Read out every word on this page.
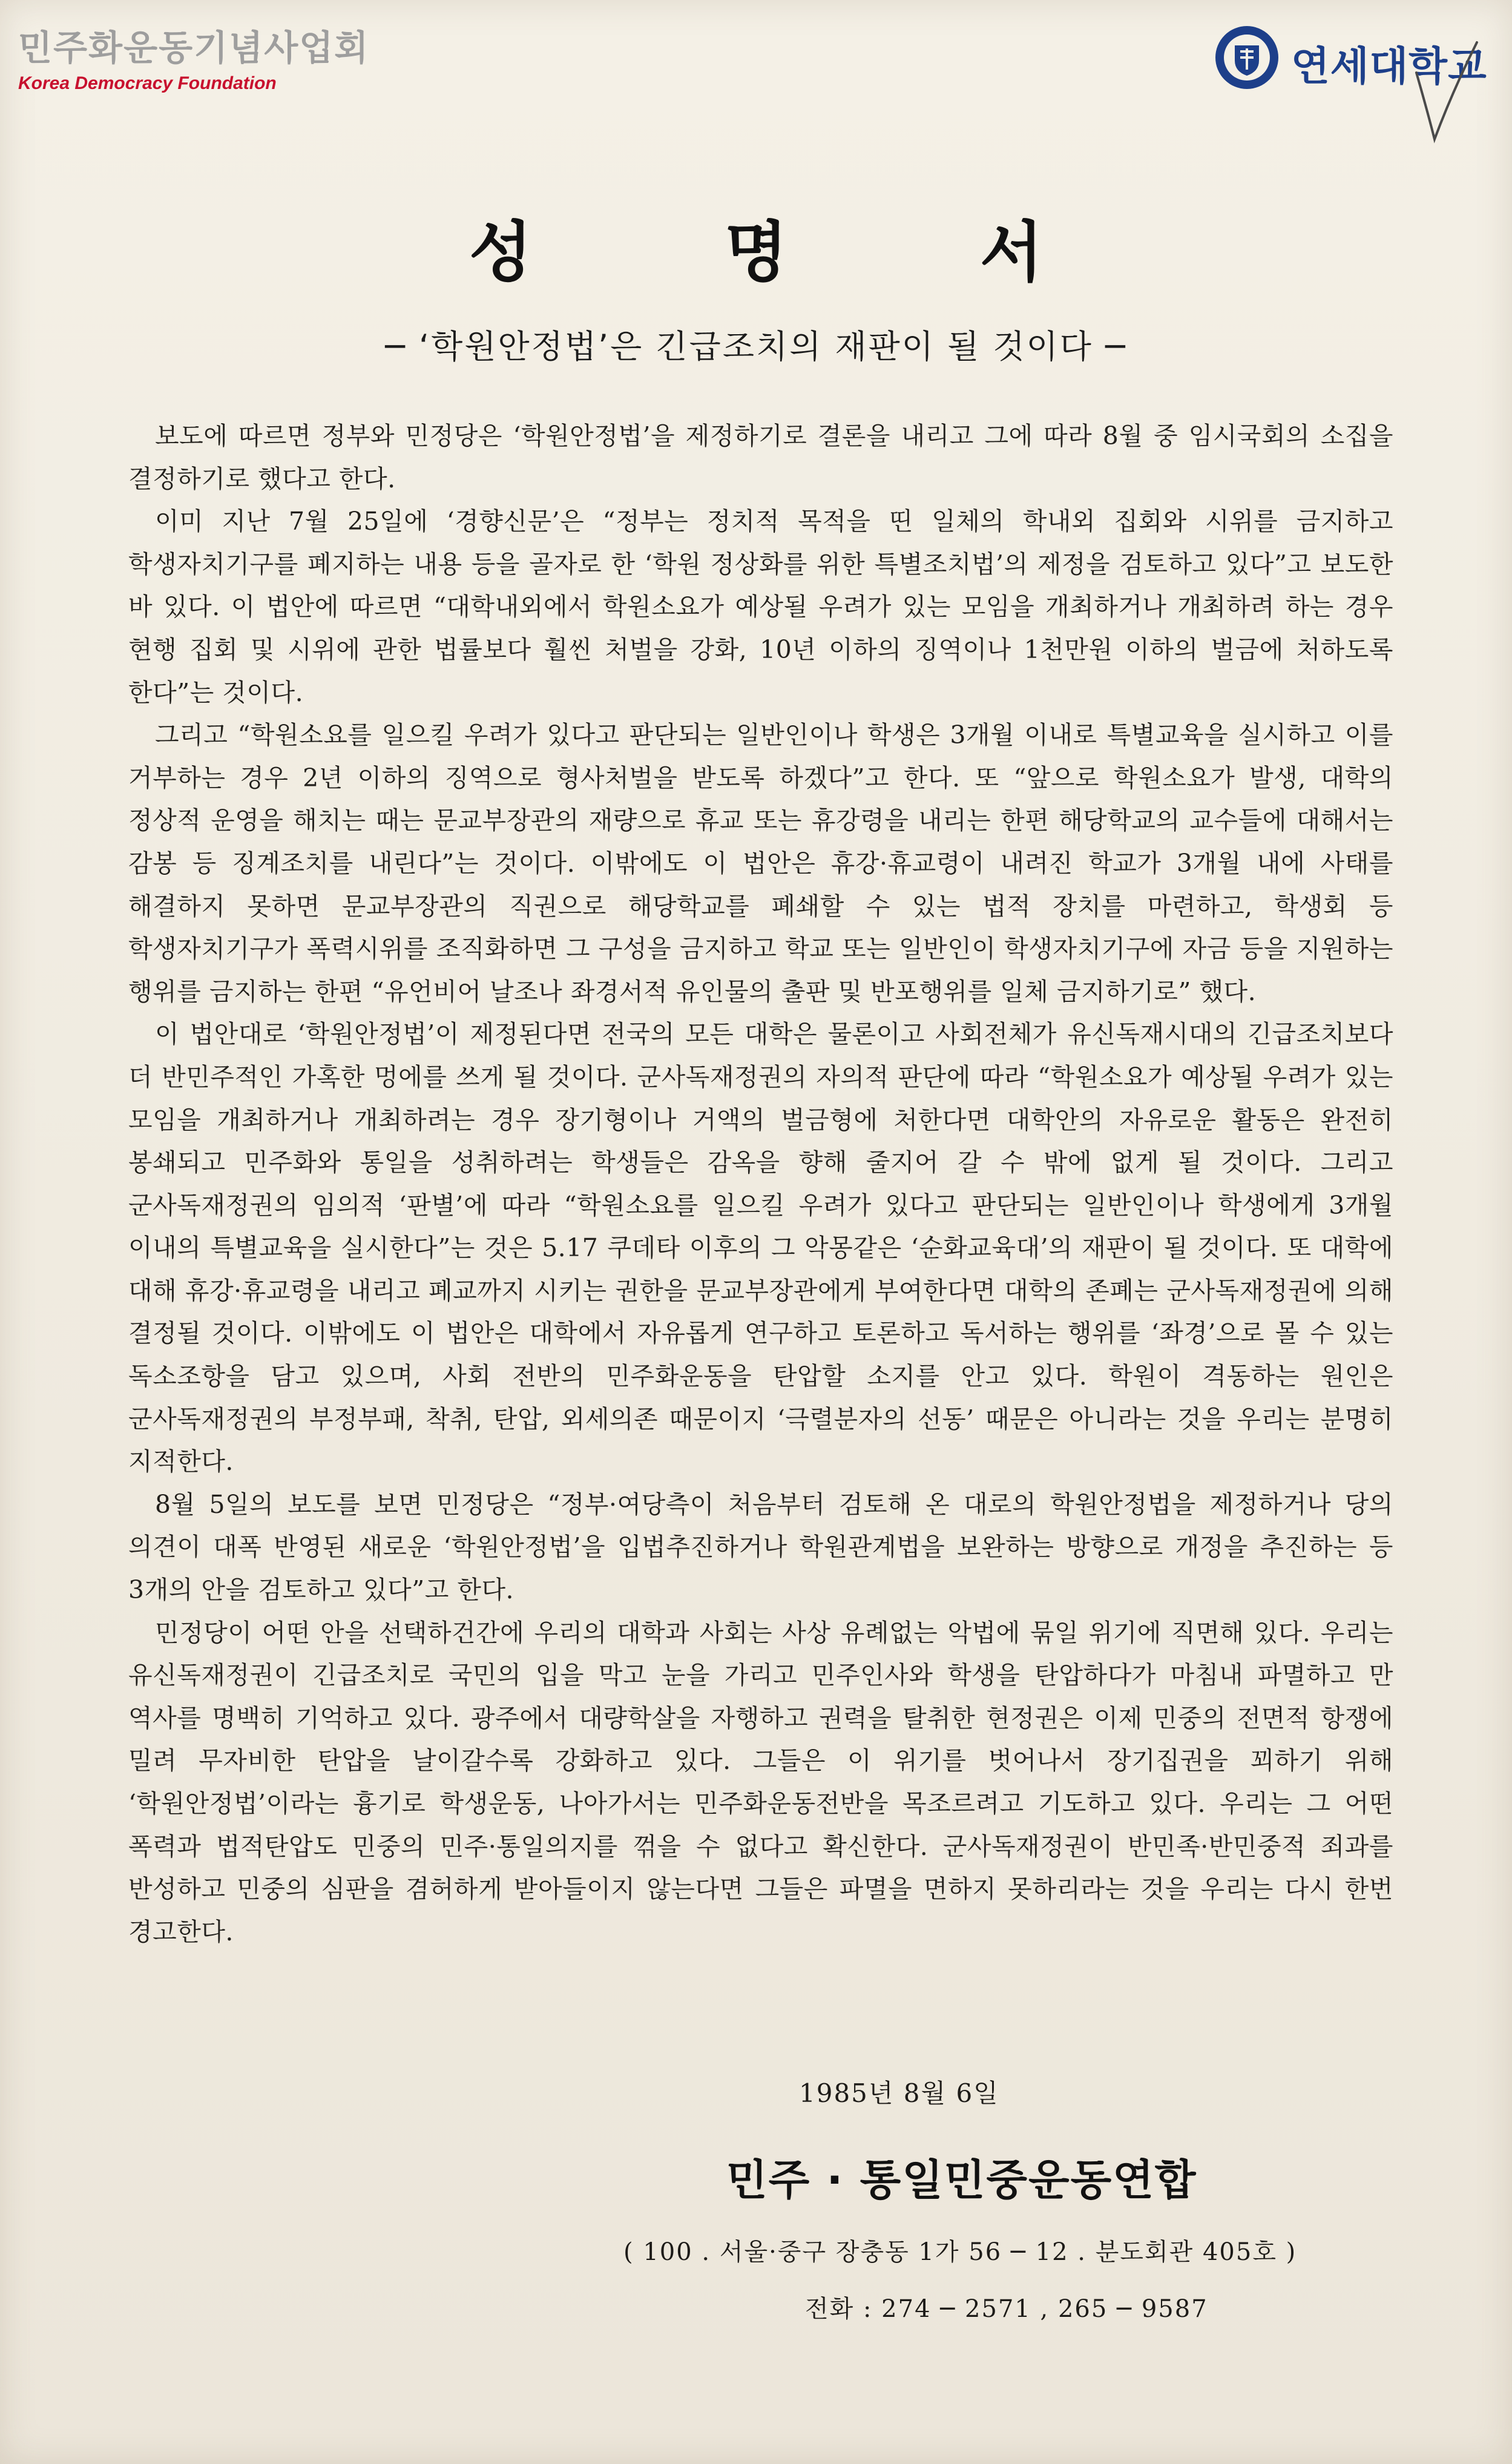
민주화운동기념사업회
Korea Democracy Foundation	연세대학교
성 명 서
─ ‘학원안정법’은 긴급조치의 재판이 될 것이다 ─

보도에 따르면 정부와 민정당은 ‘학원안정법’을 제정하기로 결론을 내리고 그에 따라 8월 중 임시국회의 소집을 결정하기로 했다고 한다.

이미 지난 7월 25일에 ‘경향신문’은 “정부는 정치적 목적을 띤 일체의 학내외 집회와 시위를 금지하고 학생자치기구를 폐지하는 내용 등을 골자로 한 ‘학원 정상화를 위한 특별조치법’의 제정을 검토하고 있다”고 보도한 바 있다. 이 법안에 따르면 “대학내외에서 학원소요가 예상될 우려가 있는 모임을 개최하거나 개최하려 하는 경우 현행 집회 및 시위에 관한 법률보다 훨씬 처벌을 강화, 10년 이하의 징역이나 1천만원 이하의 벌금에 처하도록 한다”는 것이다.

그리고 “학원소요를 일으킬 우려가 있다고 판단되는 일반인이나 학생은 3개월 이내로 특별교육을 실시하고 이를 거부하는 경우 2년 이하의 징역으로 형사처벌을 받도록 하겠다”고 한다. 또 “앞으로 학원소요가 발생, 대학의 정상적 운영을 해치는 때는 문교부장관의 재량으로 휴교 또는 휴강령을 내리는 한편 해당학교의 교수들에 대해서는 감봉 등 징계조치를 내린다”는 것이다. 이밖에도 이 법안은 휴강·휴교령이 내려진 학교가 3개월 내에 사태를 해결하지 못하면 문교부장관의 직권으로 해당학교를 폐쇄할 수 있는 법적 장치를 마련하고, 학생회 등 학생자치기구가 폭력시위를 조직화하면 그 구성을 금지하고 학교 또는 일반인이 학생자치기구에 자금 등을 지원하는 행위를 금지하는 한편 “유언비어 날조나 좌경서적 유인물의 출판 및 반포행위를 일체 금지하기로” 했다.

이 법안대로 ‘학원안정법’이 제정된다면 전국의 모든 대학은 물론이고 사회전체가 유신독재시대의 긴급조치보다 더 반민주적인 가혹한 멍에를 쓰게 될 것이다. 군사독재정권의 자의적 판단에 따라 “학원소요가 예상될 우려가 있는 모임을 개최하거나 개최하려는 경우 장기형이나 거액의 벌금형에 처한다면 대학안의 자유로운 활동은 완전히 봉쇄되고 민주화와 통일을 성취하려는 학생들은 감옥을 향해 줄지어 갈 수 밖에 없게 될 것이다. 그리고 군사독재정권의 임의적 ‘판별’에 따라 “학원소요를 일으킬 우려가 있다고 판단되는 일반인이나 학생에게 3개월 이내의 특별교육을 실시한다”는 것은 5.17 쿠데타 이후의 그 악몽같은 ‘순화교육대’의 재판이 될 것이다. 또 대학에 대해 휴강·휴교령을 내리고 폐교까지 시키는 권한을 문교부장관에게 부여한다면 대학의 존폐는 군사독재정권에 의해 결정될 것이다. 이밖에도 이 법안은 대학에서 자유롭게 연구하고 토론하고 독서하는 행위를 ‘좌경’으로 몰 수 있는 독소조항을 담고 있으며, 사회 전반의 민주화운동을 탄압할 소지를 안고 있다. 학원이 격동하는 원인은 군사독재정권의 부정부패, 착취, 탄압, 외세의존 때문이지 ‘극렬분자의 선동’ 때문은 아니라는 것을 우리는 분명히 지적한다.

8월 5일의 보도를 보면 민정당은 “정부·여당측이 처음부터 검토해 온 대로의 학원안정법을 제정하거나 당의 의견이 대폭 반영된 새로운 ‘학원안정법’을 입법추진하거나 학원관계법을 보완하는 방향으로 개정을 추진하는 등 3개의 안을 검토하고 있다”고 한다.

민정당이 어떤 안을 선택하건간에 우리의 대학과 사회는 사상 유례없는 악법에 묶일 위기에 직면해 있다. 우리는 유신독재정권이 긴급조치로 국민의 입을 막고 눈을 가리고 민주인사와 학생을 탄압하다가 마침내 파멸하고 만 역사를 명백히 기억하고 있다. 광주에서 대량학살을 자행하고 권력을 탈취한 현정권은 이제 민중의 전면적 항쟁에 밀려 무자비한 탄압을 날이갈수록 강화하고 있다. 그들은 이 위기를 벗어나서 장기집권을 꾀하기 위해 ‘학원안정법’이라는 흉기로 학생운동, 나아가서는 민주화운동전반을 목조르려고 기도하고 있다. 우리는 그 어떤 폭력과 법적탄압도 민중의 민주·통일의지를 꺾을 수 없다고 확신한다. 군사독재정권이 반민족·반민중적 죄과를 반성하고 민중의 심판을 겸허하게 받아들이지 않는다면 그들은 파멸을 면하지 못하리라는 것을 우리는 다시 한번 경고한다.

1985년 8월 6일
민주 · 통일민중운동연합
( 100 . 서울·중구 장충동 1가 56 ─ 12 . 분도회관 405호 )
전화 : 274 ─ 2571 , 265 ─ 9587
